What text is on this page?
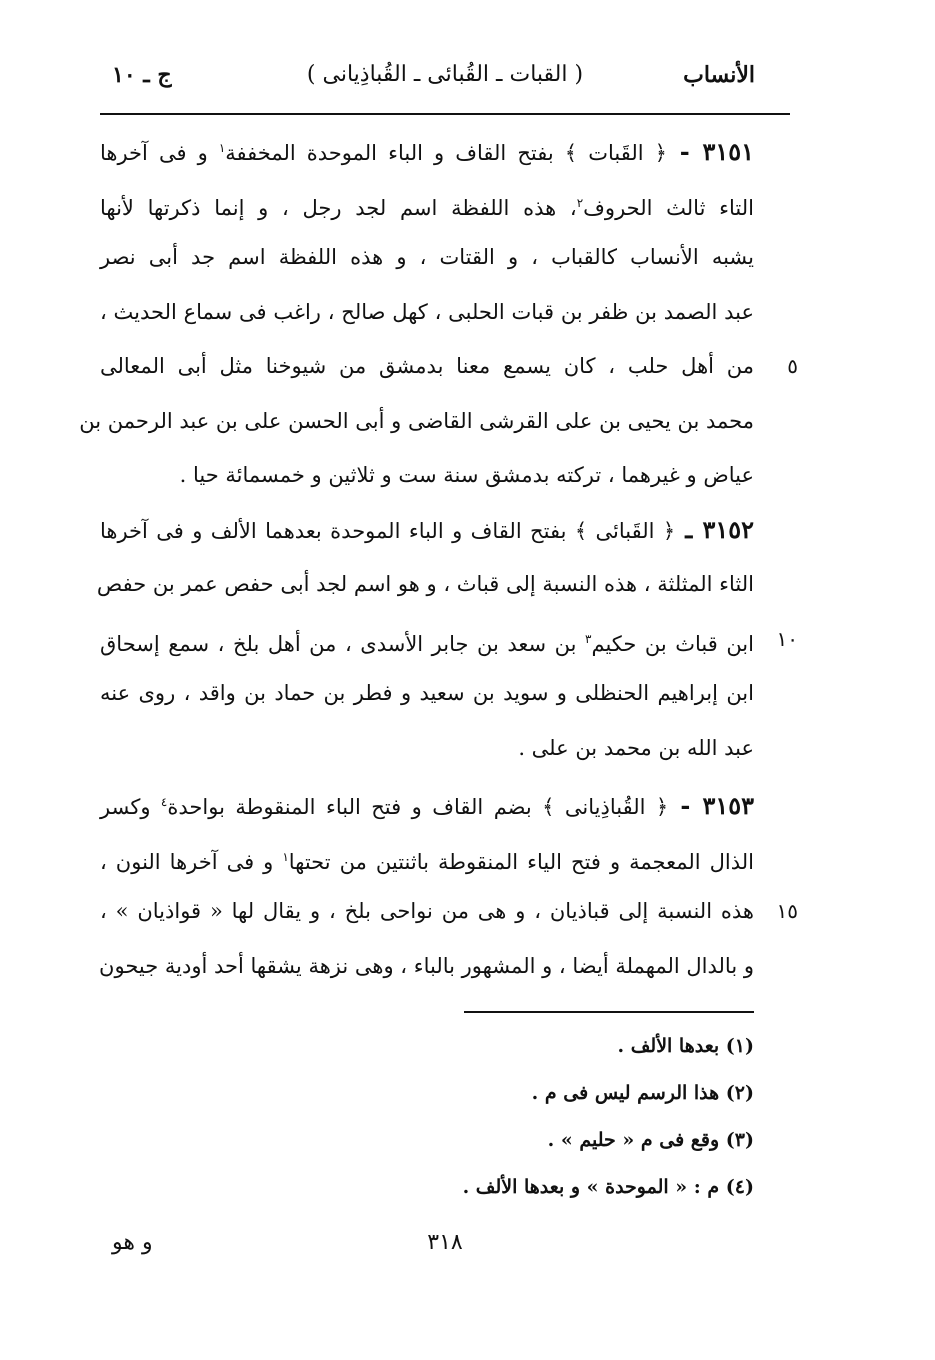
الأنساب
( القبات ـ القُبائى ـ القُباذِيانى )
ج ـ ١٠
٣١٥١ - ﴿ القَبات ﴾ بفتح القاف و الباء الموحدة المخففة$^١$ و فى آخرها
التاء ثالث الحروف$^٢$، هذه اللفظة اسم لجد رجل ، و إنما ذكرتها لأنها
يشبه الأنساب كالقباب ، و القتات ، و هذه اللفظة اسم جد أبى نصر
عبد الصمد بن ظفر بن قبات الحلبى ، كهل صالح ، راغب فى سماع الحديث ،
٥
من أهل حلب ، كان يسمع معنا بدمشق من شيوخنا مثل أبى المعالى
محمد بن يحيى بن على القرشى القاضى و أبى الحسن على بن عبد الرحمن بن
عياض و غيرهما ، تركته بدمشق سنة ست و ثلاثين و خمسمائة حيا .
٣١٥٢ ـ ﴿ القَبائى ﴾ بفتح القاف و الباء الموحدة بعدهما الألف و فى آخرها
الثاء المثلثة ، هذه النسبة إلى قباث ، و هو اسم لجد أبى حفص عمر بن حفص
١٠
ابن قباث بن حكيم$^٣$ بن سعد بن جابر الأسدى ، من أهل بلخ ، سمع إسحاق
ابن إبراهيم الحنظلى و سويد بن سعيد و فطر بن حماد بن واقد ، روى عنه
عبد الله بن محمد بن على .
٣١٥٣ - ﴿ القُباذِيانى ﴾ بضم القاف و فتح الباء المنقوطة بواحدة$^٤$ وكسر
الذال المعجمة و فتح الياء المنقوطة باثنتين من تحتها$^١$ و فى آخرها النون ،
١٥
هذه النسبة إلى قباذيان ، و هى من نواحى بلخ ، و يقال لها « قواذيان » ،
و بالدال المهملة أيضا ، و المشهور بالباء ، وهى نزهة يشقها أحد أودية جيحون
(١) بعدها الألف .
(٢) هذا الرسم ليس فى م .
(٣) وقع فى م « حليم » .
(٤) م : « الموحدة » و بعدها الألف .
٣١٨
و هو
